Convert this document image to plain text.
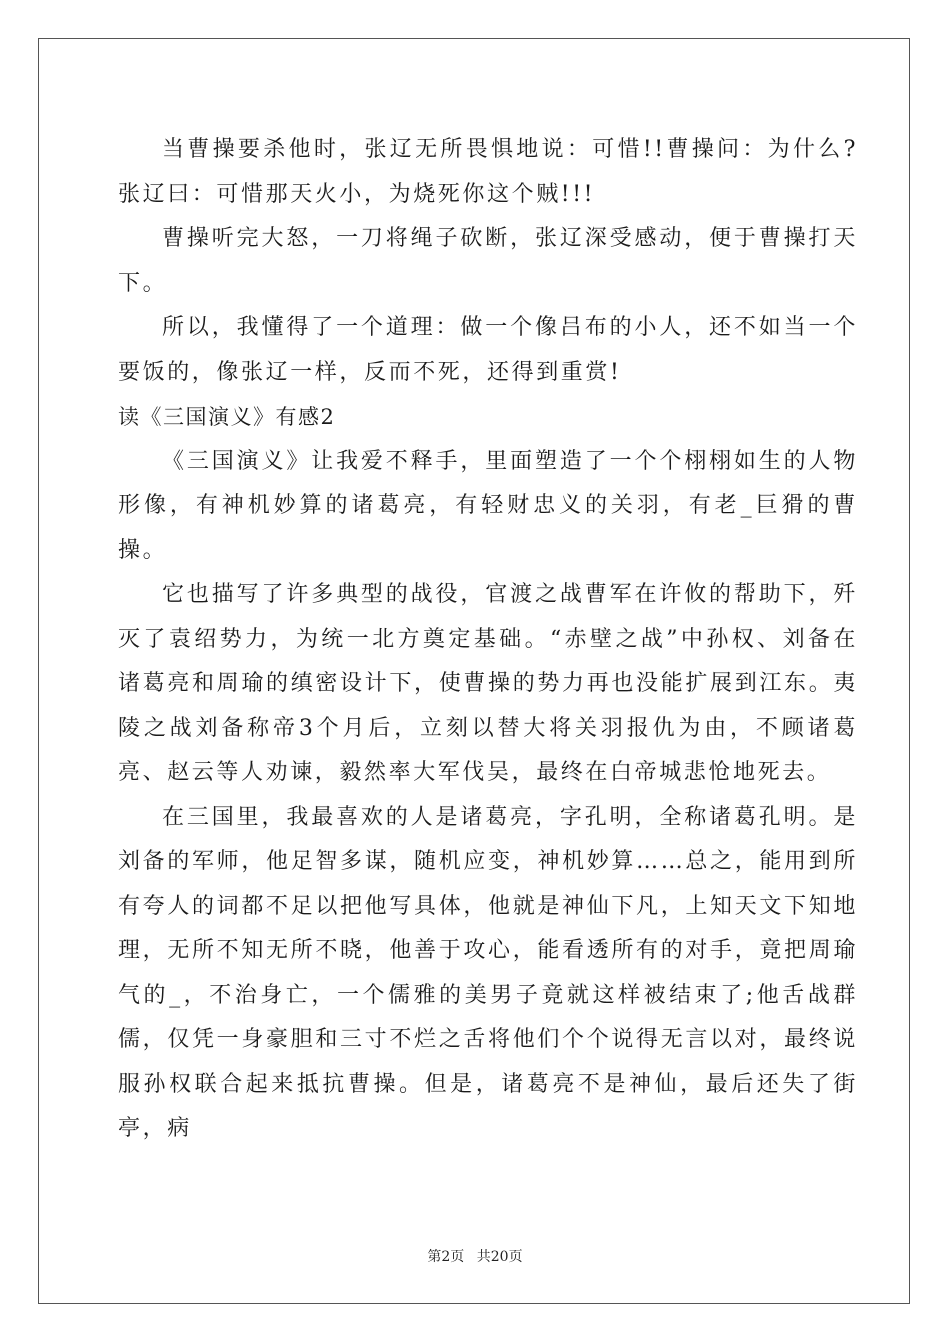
当曹操要杀他时，张辽无所畏惧地说：可惜!!曹操问：为什么?张辽曰：可惜那天火小，为烧死你这个贼!!!

曹操听完大怒，一刀将绳子砍断，张辽深受感动，便于曹操打天下。

所以，我懂得了一个道理：做一个像吕布的小人，还不如当一个要饭的，像张辽一样，反而不死，还得到重赏!

读《三国演义》有感2

《三国演义》让我爱不释手，里面塑造了一个个栩栩如生的人物形像，有神机妙算的诸葛亮，有轻财忠义的关羽，有老_巨猾的曹操。

它也描写了许多典型的战役，官渡之战曹军在许攸的帮助下，歼灭了袁绍势力，为统一北方奠定基础。“赤壁之战”中孙权、刘备在诸葛亮和周瑜的缜密设计下，使曹操的势力再也没能扩展到江东。夷陵之战刘备称帝3个月后，立刻以替大将关羽报仇为由，不顾诸葛亮、赵云等人劝谏，毅然率大军伐吴，最终在白帝城悲怆地死去。

在三国里，我最喜欢的人是诸葛亮，字孔明，全称诸葛孔明。是刘备的军师，他足智多谋，随机应变，神机妙算……总之，能用到所有夸人的词都不足以把他写具体，他就是神仙下凡，上知天文下知地理，无所不知无所不晓，他善于攻心，能看透所有的对手，竟把周瑜气的_，不治身亡，一个儒雅的美男子竟就这样被结束了;他舌战群儒，仅凭一身豪胆和三寸不烂之舌将他们个个说得无言以对，最终说服孙权联合起来抵抗曹操。但是，诸葛亮不是神仙，最后还失了街亭，病

第2页 共20页
